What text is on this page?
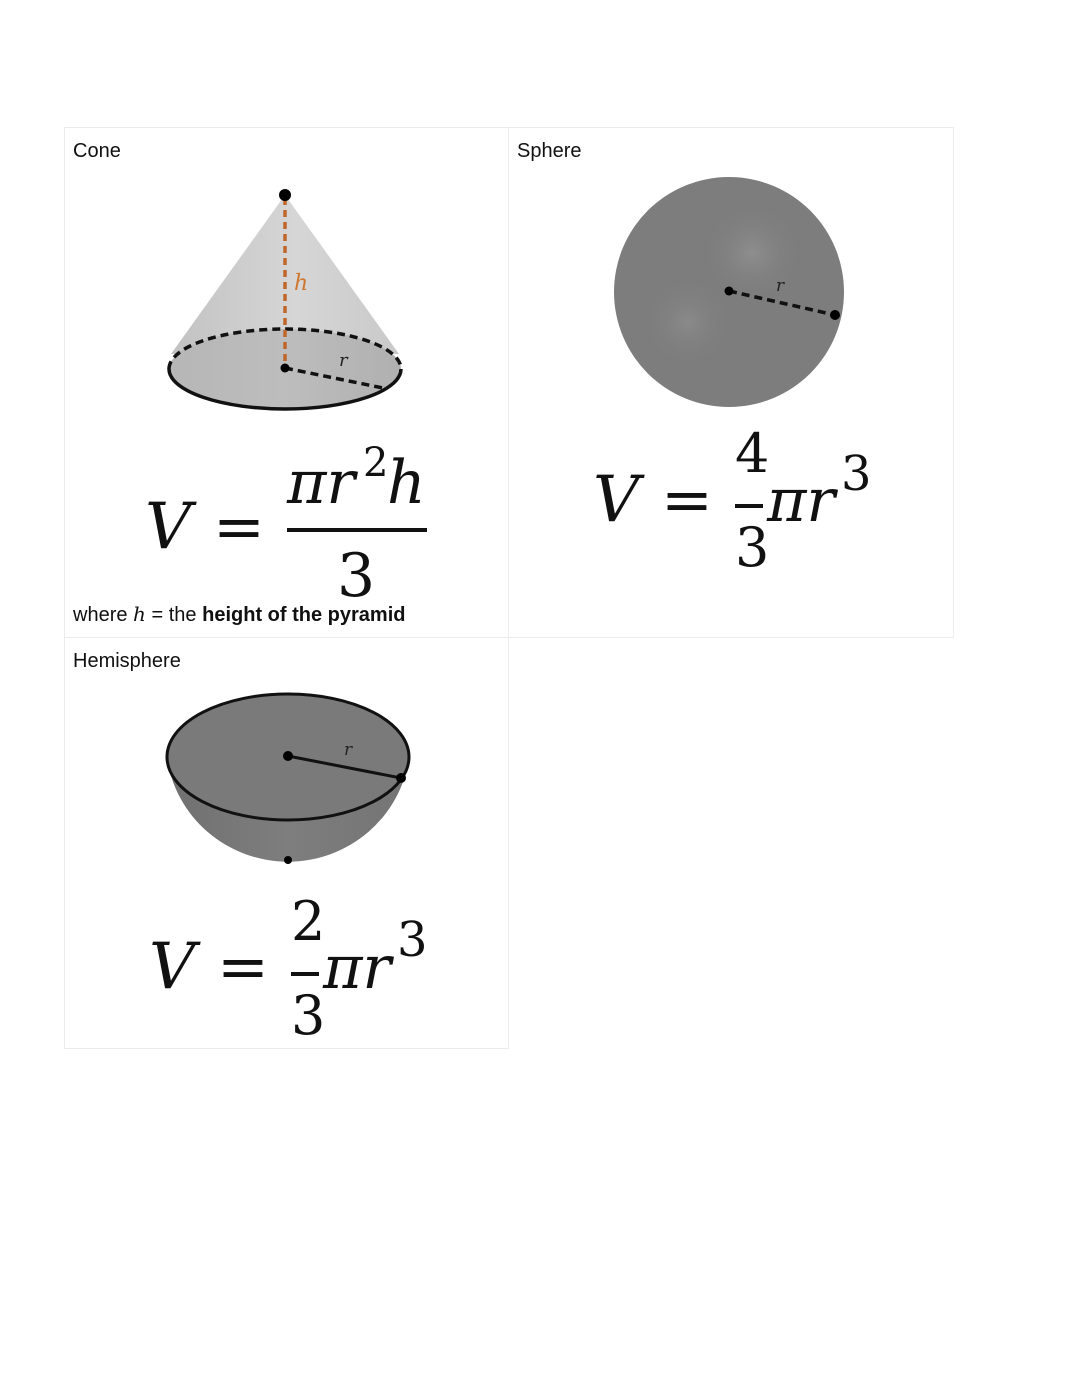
Cone
h
r
V =
πr 2
h
3
where h = the height of the pyramid
Sphere
r
V =
4
3
πr 3
Hemisphere
r
V =
2
3
πr 3
